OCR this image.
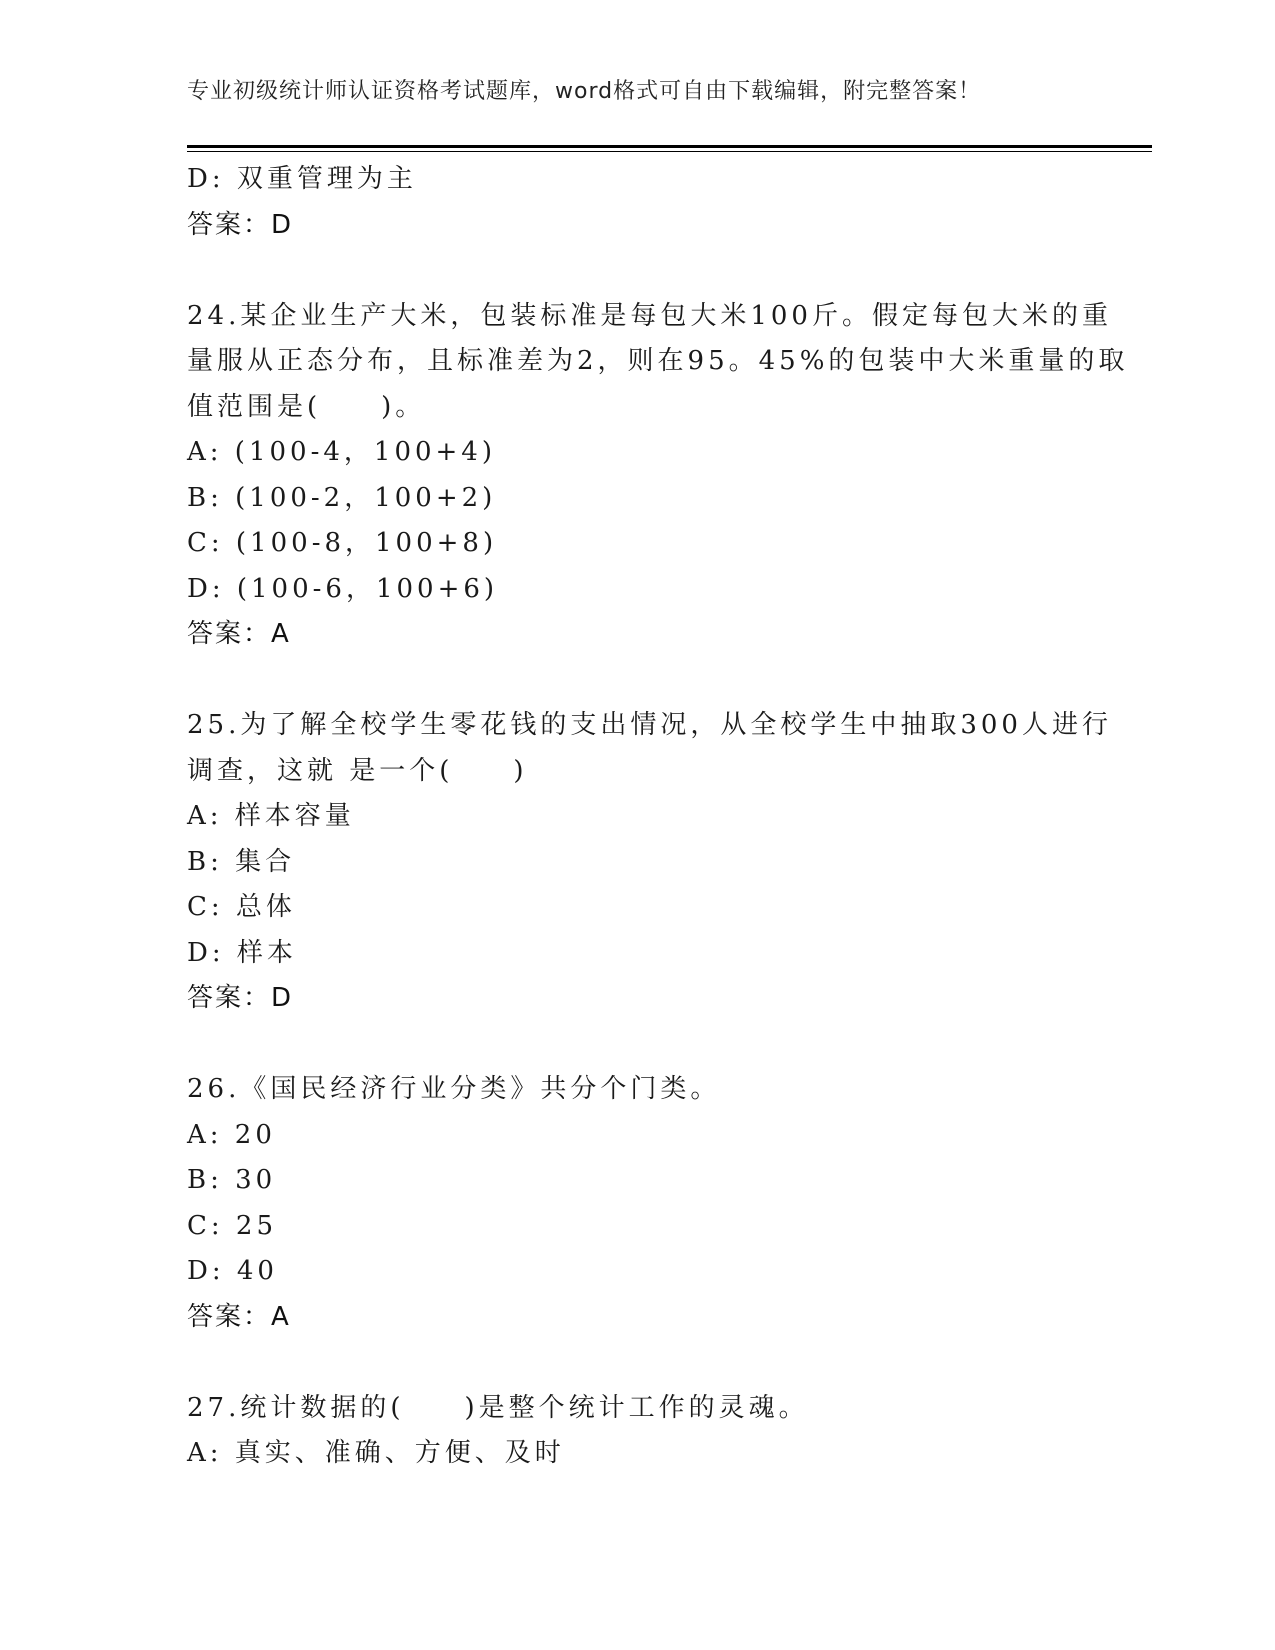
专业初级统计师认证资格考试题库，word格式可自由下载编辑，附完整答案！
D: 双重管理为主
答案：D
24.某企业生产大米，包装标准是每包大米100斤。假定每包大米的重
量服从正态分布，且标准差为2，则在95。45%的包装中大米重量的取
值范围是(　　)。
A: (100-4，100+4)
B: (100-2，100+2)
C: (100-8，100+8)
D: (100-6，100+6)
答案：A
25.为了解全校学生零花钱的支出情况，从全校学生中抽取300人进行
调查，这就 是一个(　　)
A: 样本容量
B: 集合
C: 总体
D: 样本
答案：D
26.《国民经济行业分类》共分个门类。
A: 20
B: 30
C: 25
D: 40
答案：A
27.统计数据的(　　)是整个统计工作的灵魂。
A: 真实、准确、方便、及时
